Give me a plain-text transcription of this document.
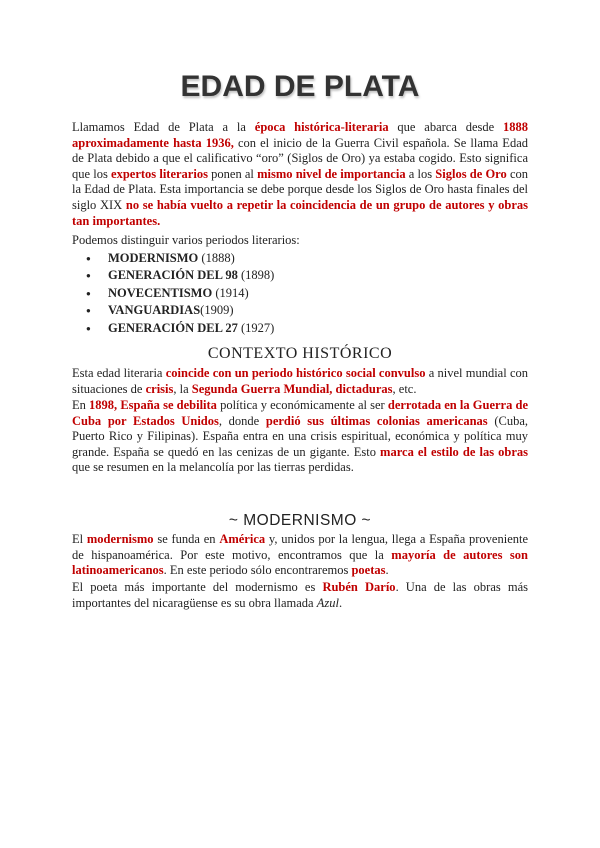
EDAD DE PLATA

Llamamos Edad de Plata a la época histórica-literaria que abarca desde 1888 aproximadamente hasta 1936, con el inicio de la Guerra Civil española. Se llama Edad de Plata debido a que el calificativo “oro” (Siglos de Oro) ya estaba cogido. Esto significa que los expertos literarios ponen al mismo nivel de importancia a los Siglos de Oro con la Edad de Plata. Esta importancia se debe porque desde los Siglos de Oro hasta finales del siglo XIX no se había vuelto a repetir la coincidencia de un grupo de autores y obras tan importantes.

Podemos distinguir varios periodos literarios:

● MODERNISMO (1888)
● GENERACIÓN DEL 98 (1898)
● NOVECENTISMO (1914)
● VANGUARDIAS(1909)
● GENERACIÓN DEL 27 (1927)
CONTEXTO HISTÓRICO

Esta edad literaria coincide con un periodo histórico social convulso a nivel mundial con situaciones de crisis, la Segunda Guerra Mundial, dictaduras, etc.

En 1898, España se debilita política y económicamente al ser derrotada en la Guerra de Cuba por Estados Unidos, donde perdió sus últimas colonias americanas (Cuba, Puerto Rico y Filipinas). España entra en una crisis espiritual, económica y política muy grande. España se quedó en las cenizas de un gigante. Esto marca el estilo de las obras que se resumen en la melancolía por las tierras perdidas.

~ MODERNISMO ~

El modernismo se funda en América y, unidos por la lengua, llega a España proveniente de hispanoamérica. Por este motivo, encontramos que la mayoría de autores son latinoamericanos. En este periodo sólo encontraremos poetas.

El poeta más importante del modernismo es Rubén Darío. Una de las obras más importantes del nicaragüense es su obra llamada Azul.
